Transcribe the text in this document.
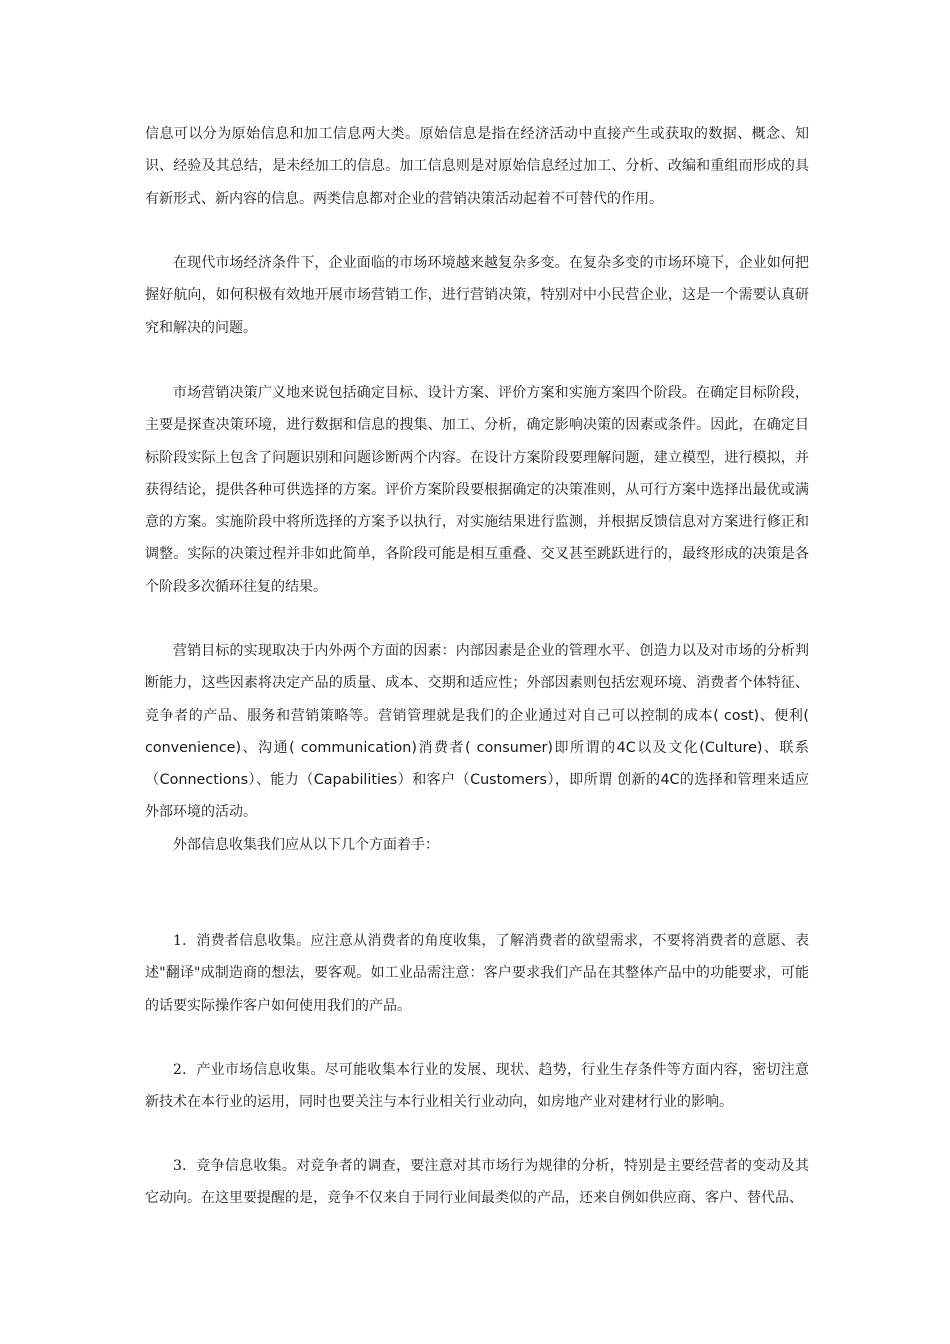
信息可以分为原始信息和加工信息两大类。原始信息是指在经济活动中直接产生或获取的数据、概念、知识、经验及其总结，是未经加工的信息。加工信息则是对原始信息经过加工、分析、改编和重组而形成的具有新形式、新内容的信息。两类信息都对企业的营销决策活动起着不可替代的作用。

在现代市场经济条件下，企业面临的市场环境越来越复杂多变。在复杂多变的市场环境下，企业如何把握好航向，如何积极有效地开展市场营销工作，进行营销决策，特别对中小民营企业，这是一个需要认真研究和解决的问题。

市场营销决策广义地来说包括确定目标、设计方案、评价方案和实施方案四个阶段。在确定目标阶段，主要是探查决策环境，进行数据和信息的搜集、加工、分析，确定影响决策的因素或条件。因此，在确定目标阶段实际上包含了问题识别和问题诊断两个内容。在设计方案阶段要理解问题，建立模型，进行模拟，并获得结论，提供各种可供选择的方案。评价方案阶段要根据确定的决策准则，从可行方案中选择出最优或满意的方案。实施阶段中将所选择的方案予以执行，对实施结果进行监测，并根据反馈信息对方案进行修正和调整。实际的决策过程并非如此简单，各阶段可能是相互重叠、交叉甚至跳跃进行的，最终形成的决策是各个阶段多次循环往复的结果。

营销目标的实现取决于内外两个方面的因素：内部因素是企业的管理水平、创造力以及对市场的分析判断能力，这些因素将决定产品的质量、成本、交期和适应性；外部因素则包括宏观环境、消费者个体特征、竞争者的产品、服务和营销策略等。营销管理就是我们的企业通过对自己可以控制的成本( cost)、便利( convenience)、沟通( communication)消费者( consumer)即所谓的4C以及文化(Culture)、联系（Connections）、能力（Capabilities）和客户（Customers），即所谓 创新的4C的选择和管理来适应外部环境的活动。

外部信息收集我们应从以下几个方面着手：

1．消费者信息收集。应注意从消费者的角度收集，了解消费者的欲望需求，不要将消费者的意愿、表述"翻译"成制造商的想法，要客观。如工业品需注意：客户要求我们产品在其整体产品中的功能要求，可能的话要实际操作客户如何使用我们的产品。

2．产业市场信息收集。尽可能收集本行业的发展、现状、趋势，行业生存条件等方面内容，密切注意新技术在本行业的运用，同时也要关注与本行业相关行业动向，如房地产业对建材行业的影响。

3．竞争信息收集。对竞争者的调查，要注意对其市场行为规律的分析，特别是主要经营者的变动及其它动向。在这里要提醒的是，竞争不仅来自于同行业间最类似的产品，还来自例如供应商、客户、替代品、
